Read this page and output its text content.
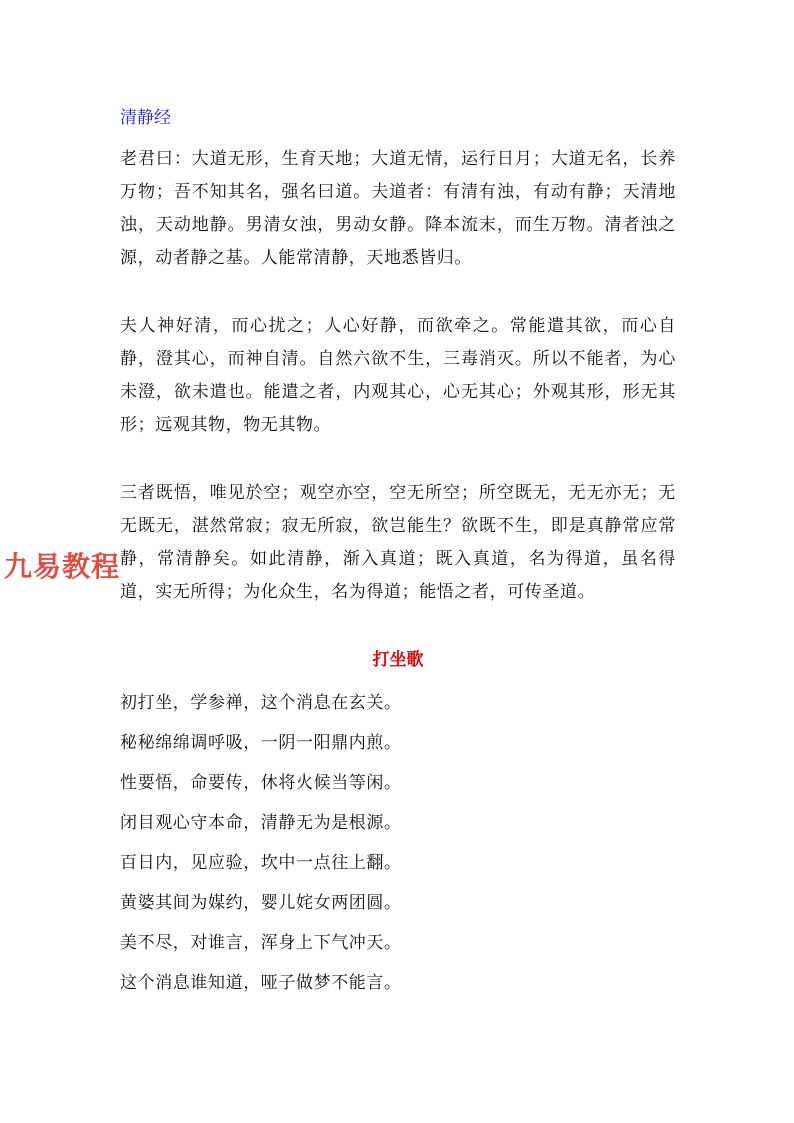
清静经
老君曰：大道无形，生育天地；大道无情，运行日月；大道无名，长养万物；吾不知其名，强名曰道。夫道者：有清有浊，有动有静；天清地浊，天动地静。男清女浊，男动女静。降本流末，而生万物。清者浊之源，动者静之基。人能常清静，天地悉皆归。
夫人神好清，而心扰之；人心好静，而欲牵之。常能遣其欲，而心自静，澄其心，而神自清。自然六欲不生，三毒消灭。所以不能者，为心未澄，欲未遣也。能遣之者，内观其心，心无其心；外观其形，形无其形；远观其物，物无其物。
三者既悟，唯见於空；观空亦空，空无所空；所空既无，无无亦无；无无既无，湛然常寂；寂无所寂，欲岂能生？欲既不生，即是真静常应常静，常清静矣。如此清静，渐入真道；既入真道，名为得道，虽名得道，实无所得；为化众生，名为得道；能悟之者，可传圣道。
打坐歌
初打坐，学参禅，这个消息在玄关。
秘秘绵绵调呼吸，一阴一阳鼎内煎。
性要悟，命要传，休将火候当等闲。
闭目观心守本命，清静无为是根源。
百日内，见应验，坎中一点往上翻。
黄婆其间为媒约，婴儿姹女两团圆。
美不尽，对谁言，浑身上下气冲天。
这个消息谁知道，哑子做梦不能言。
九易教程
